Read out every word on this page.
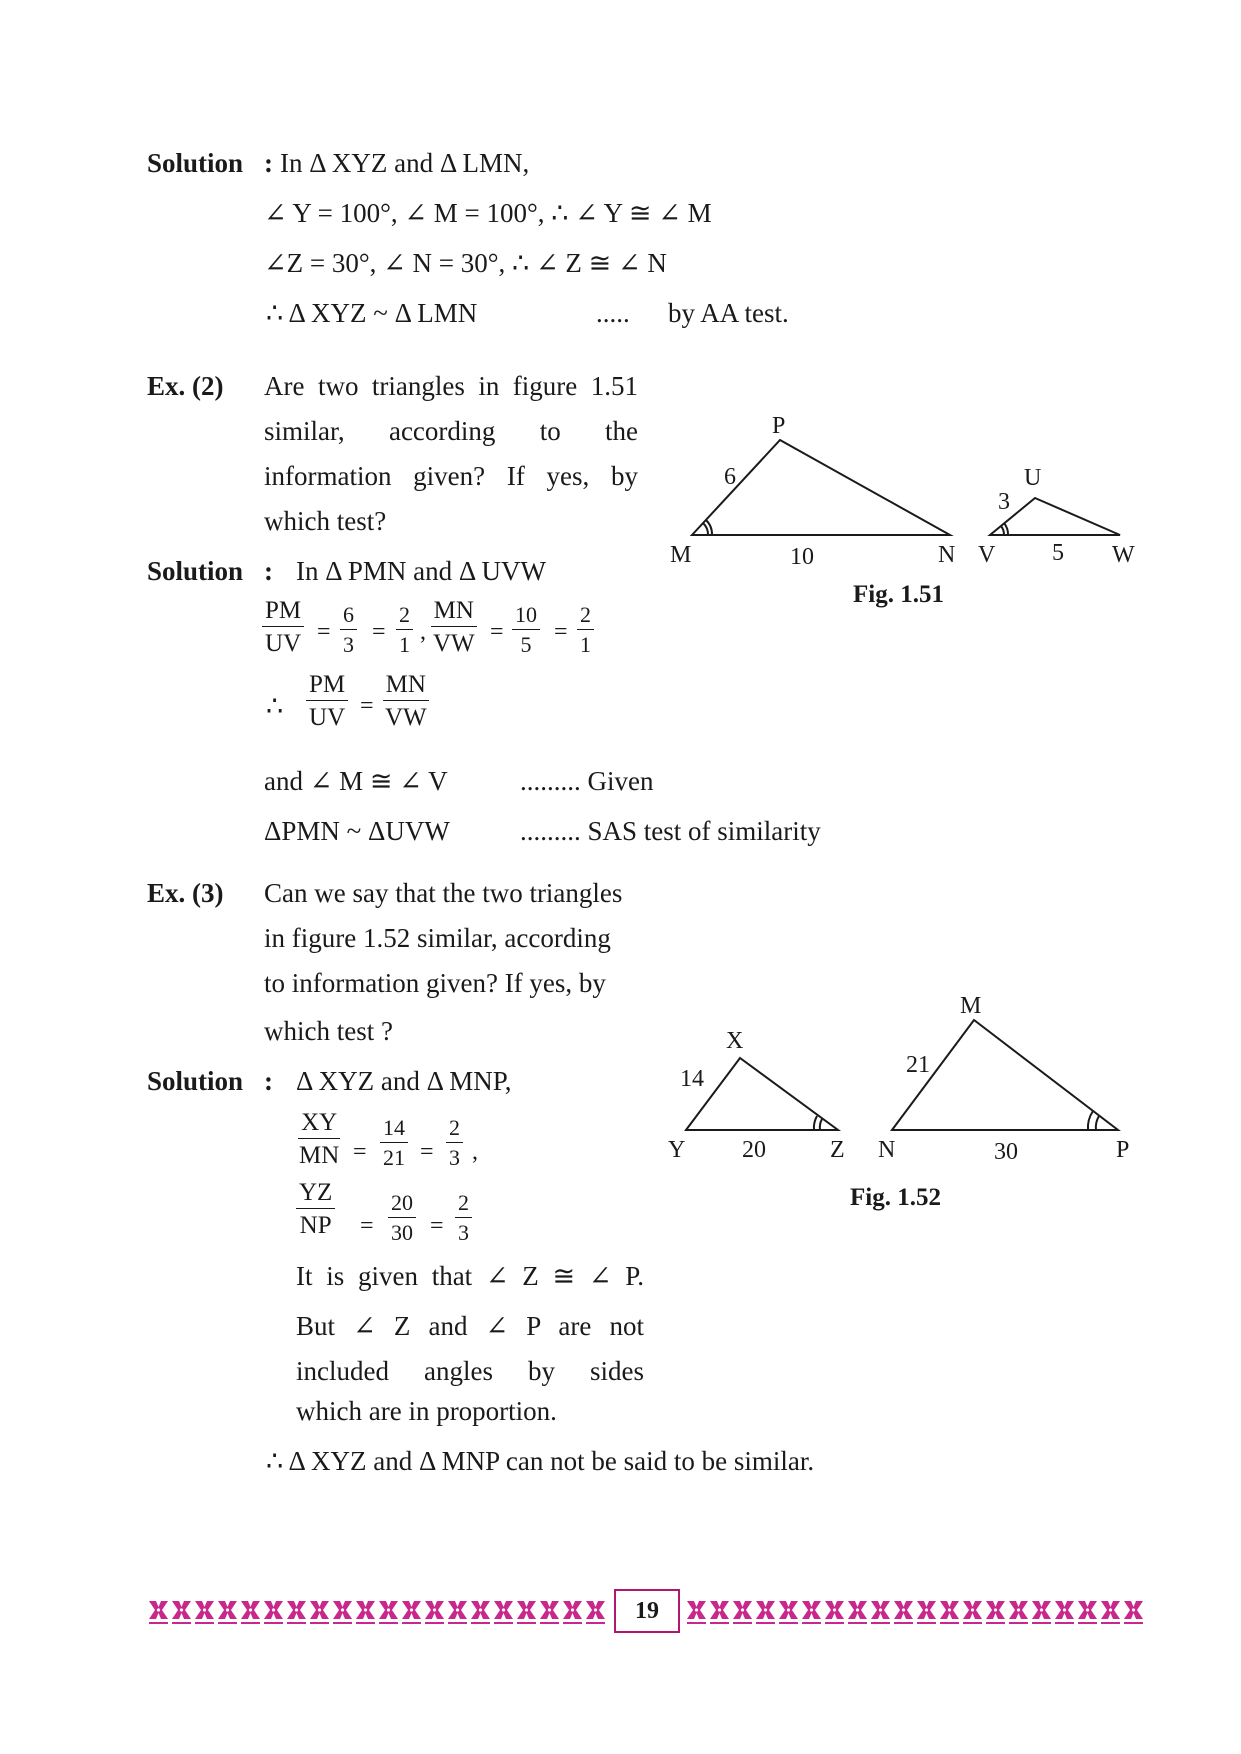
Solution : In Δ XYZ and Δ LMN,
∠ Y = 100°, ∠ M = 100°, ∴ ∠ Y ≅ ∠ M
∠Z = 30°, ∠ N = 30°, ∴ ∠ Z ≅ ∠ N
∴ Δ XYZ ~ Δ LMN	..... by AA test.
Ex. (2) Are two triangles in figure 1.51
similar, according to the
information given? If yes, by
which test?
Solution : In Δ PMN and Δ UVW
$\frac{PM}{UV} = \frac{6}{3} = \frac{2}{1}$ , $\frac{MN}{VW} = \frac{10}{5} = \frac{2}{1}$
∴ $\frac{PM}{UV} = \frac{MN}{VW}$
and ∠ M ≅ ∠ V	......... Given
ΔPMN ~ ΔUVW	......... SAS test of similarity
P
M	N
6
10
U
V	W
3
5
Fig. 1.51
Ex. (3) Can we say that the two triangles
in figure 1.52 similar, according
to information given? If yes, by
which test ?
Solution : Δ XYZ and Δ MNP,
$\frac{XY}{MN} = \frac{14}{21} = \frac{2}{3}$ ,
$\frac{YZ}{NP} = \frac{20}{30} = \frac{2}{3}$
It is given that ∠ Z ≅ ∠ P.
But ∠ Z and ∠ P are not
included angles by sides
which are in proportion.
∴ Δ XYZ and Δ MNP can not be said to be similar.
X
Y	Z
14
20
M
N	P
21
30
Fig. 1.52
19
